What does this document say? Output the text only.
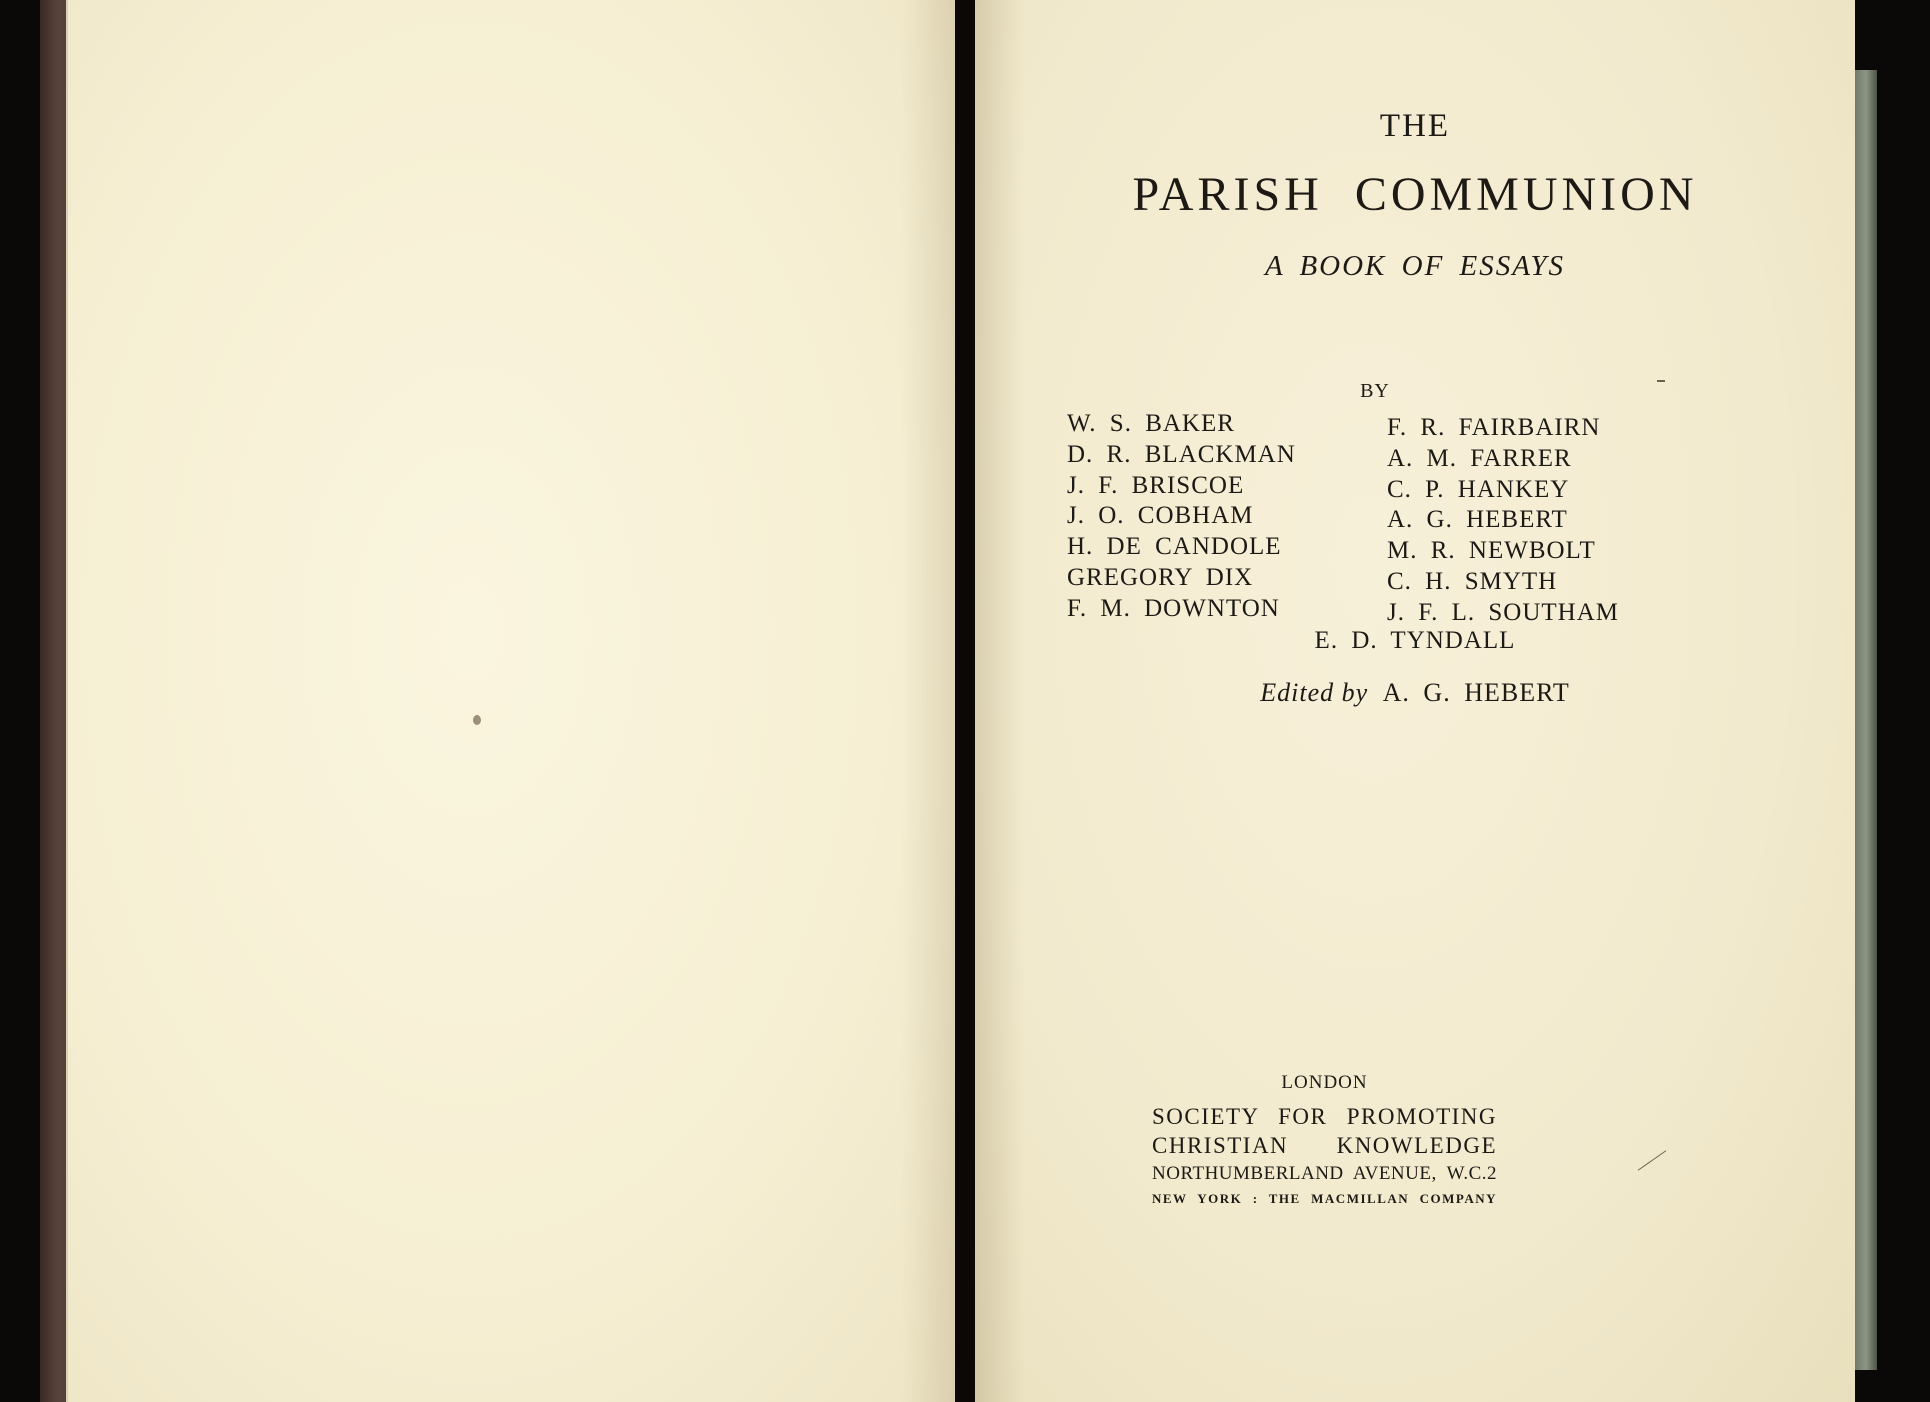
THE
PARISH COMMUNION
A BOOK OF ESSAYS
BY
W. S. BAKER
D. R. BLACKMAN
J. F. BRISCOE
J. O. COBHAM
H. DE CANDOLE
GREGORY DIX
F. M. DOWNTON
F. R. FAIRBAIRN
A. M. FARRER
C. P. HANKEY
A. G. HEBERT
M. R. NEWBOLT
C. H. SMYTH
J. F. L. SOUTHAM
E. D. TYNDALL
Edited by A. G. HEBERT
LONDON
SOCIETY FOR PROMOTING
CHRISTIAN KNOWLEDGE
NORTHUMBERLAND AVENUE, W.C.2
NEW YORK : THE MACMILLAN COMPANY
